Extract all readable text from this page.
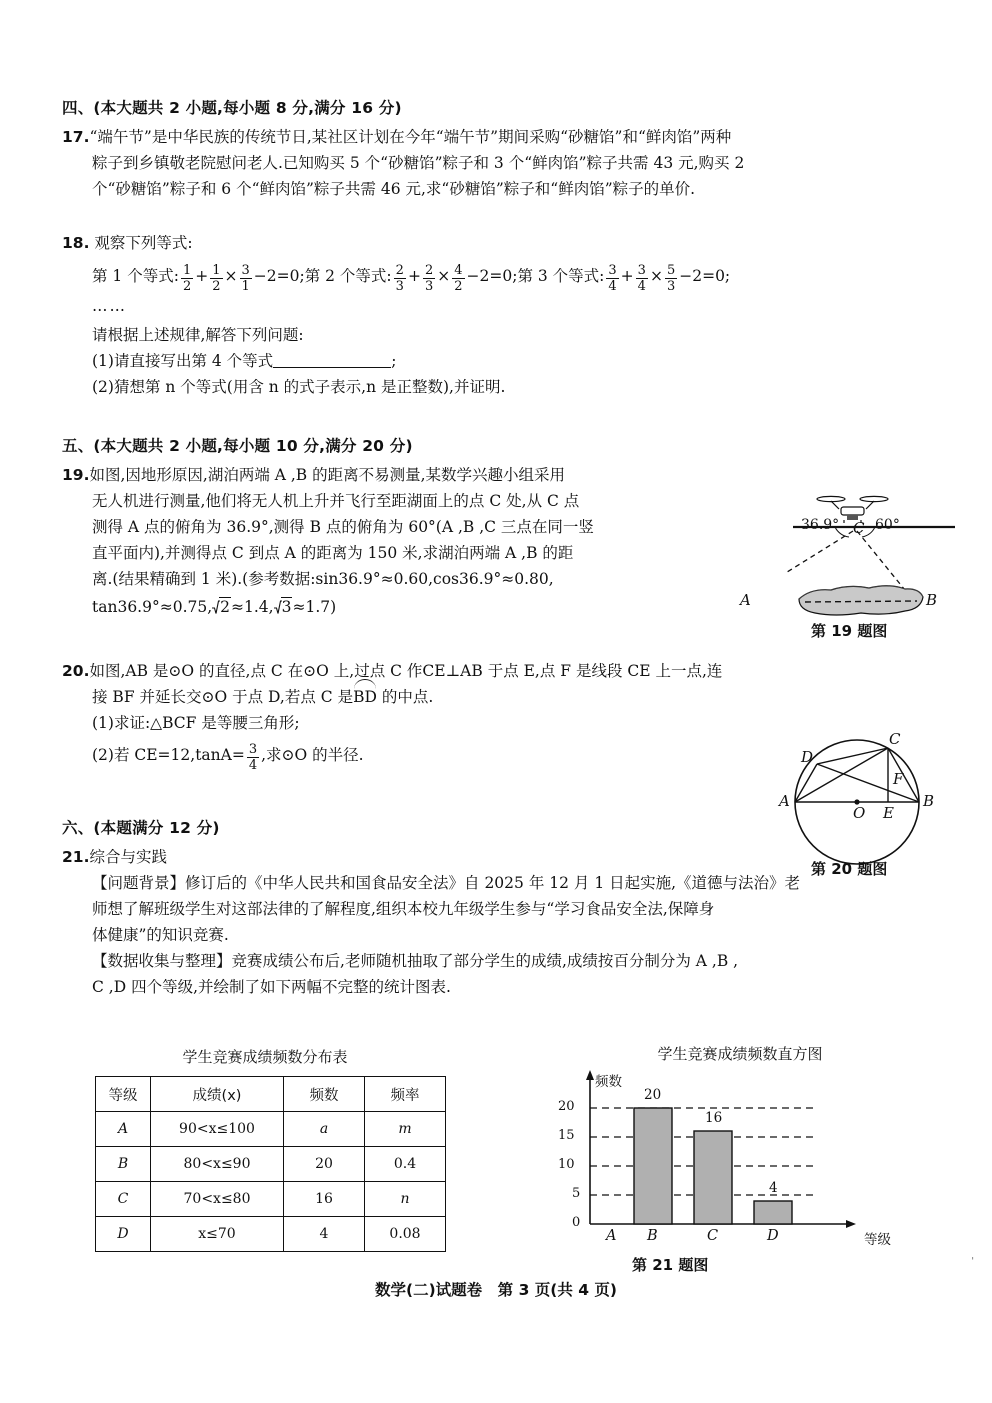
四、(本大题共 2 小题,每小题 8 分,满分 16 分)

17.“端午节”是中华民族的传统节日,某社区计划在今年“端午节”期间采购“砂糖馅”和“鲜肉馅”两种

粽子到乡镇敬老院慰问老人.已知购买 5 个“砂糖馅”粽子和 3 个“鲜肉馅”粽子共需 43 元,购买 2

个“砂糖馅”粽子和 6 个“鲜肉馅”粽子共需 46 元,求“砂糖馅”粽子和“鲜肉馅”粽子的单价.

18. 观察下列等式:

第 1 个等式: $\frac{1}{2} + \frac{1}{2} \times \frac{3}{1} -2=0$;第 2 个等式: $\frac{2}{3} + \frac{2}{3} \times \frac{4}{2} -2=0$;第 3 个等式: $\frac{3}{4} + \frac{3}{4} \times \frac{5}{3} -2=0$;

……

请根据上述规律,解答下列问题:

(1)请直接写出第 4 个等式	;

(2)猜想第 n 个等式(用含 n 的式子表示,n 是正整数),并证明.

五、(本大题共 2 小题,每小题 10 分,满分 20 分)

19.如图,因地形原因,湖泊两端 A ,B 的距离不易测量,某数学兴趣小组采用

无人机进行测量,他们将无人机上升并飞行至距湖面上的点 C 处,从 C 点

测得 A 点的俯角为 36.9°,测得 B 点的俯角为 60°(A ,B ,C 三点在同一竖

直平面内),并测得点 C 到点 A 的距离为 150 米,求湖泊两端 A ,B 的距

离.(结果精确到 1 米).(参考数据:sin36.9°≈0.60,cos36.9°≈0.80,

tan36.9°≈0.75, 2≈1.4, 3≈1.7)

20.如图,AB 是⊙O 的直径,点 C 在⊙O 上,过点 C 作CE⊥AB 于点 E,点 F 是线段 CE 上一点,连

接 BF 并延长交⊙O 于点 D,若点 C 是BD 的中点.

(1)求证:△BCF 是等腰三角形;

(2)若 $CE=12,\tan A= \frac{3}{4}$ ,求⊙O 的半径.

六、(本题满分 12 分)

21.综合与实践

【问题背景】修订后的《中华人民共和国食品安全法》自 2025 年 12 月 1 日起实施,《道德与法治》老

师想了解班级学生对这部法律的了解程度,组织本校九年级学生参与“学习食品安全法,保障身

体健康”的知识竞赛.

【数据收集与整理】竞赛成绩公布后,老师随机抽取了部分学生的成绩,成绩按百分制分为 A ,B ,

C ,D 四个等级,并绘制了如下两幅不完整的统计图表.

36.9°	60°
C
A	B
第 19 题图
A	B
C
D
E
F
O
第 20 题图
学生竞赛成绩频数分布表
等级	成绩(x)	频数	频率
A	90<x≤100	a	m
B	80<x≤90	20	0.4
C	70<x≤80	16	n
D	x≤70	4	0.08
学生竞赛成绩频数直方图
20
15
10
5
0
频数
等级
20
16
4
A B	C	D
第 21 题图	'
数学(二)试题卷　第 3 页(共 4 页)
